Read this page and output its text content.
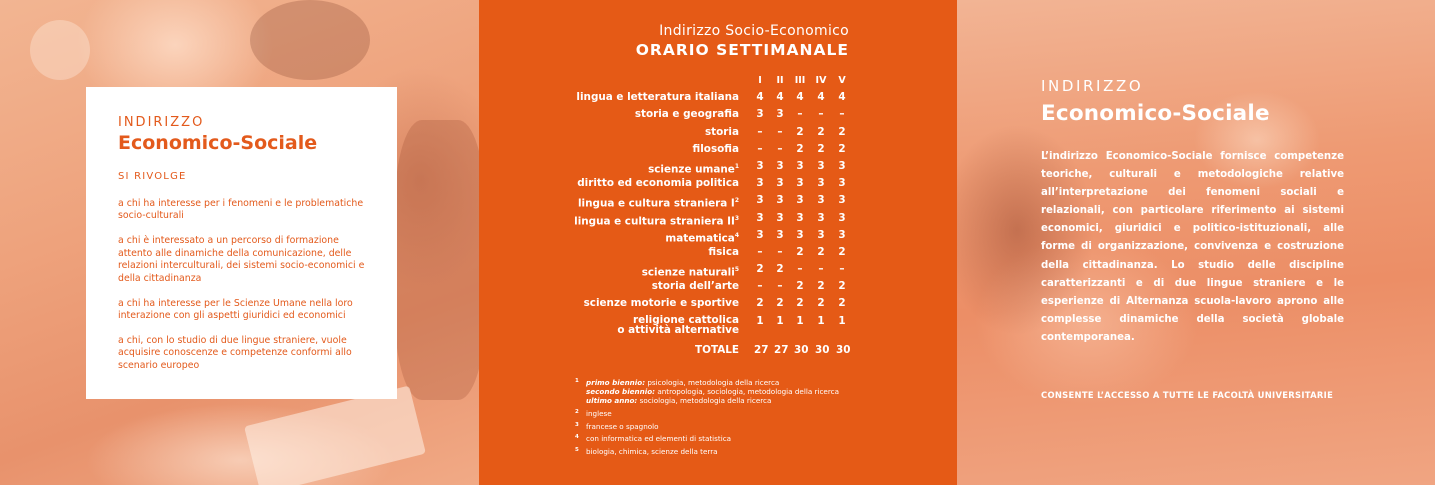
INDIRIZZO
Economico-Sociale
SI RIVOLGE
a chi ha interesse per i fenomeni e le problematiche socio-culturali
a chi è interessato a un percorso di formazione attento alle dinamiche della comunicazione, delle relazioni interculturali, dei sistemi socio-economici e della cittadinanza
a chi ha interesse per le Scienze Umane nella loro interazione con gli aspetti giuridici ed economici
a chi, con lo studio di due lingue straniere, vuole acquisire conoscenze e competenze conformi allo scenario europeo
Indirizzo Socio-Economico
ORARIO SETTIMANALE
I	II III IV V
lingua e letteratura italiana 4 4 4 4 4
storia e geografia 3 3	–	–	–
storia	–	–	2 2 2
filosofia	–	–	2 2 2
scienze umane$^1$ 3 3 3 3 3
diritto ed economia politica 3 3 3 3 3
lingua e cultura straniera $I^2$ 3 3 3 3 3
lingua e cultura straniera $II^3$ 3 3 3 3 3
matematica$^4$ 3 3 3 3 3
fisica	–	–	2 2 2
scienze naturali$^5$ 2 2	–	–	–
storia dell’arte	–	–	2 2 2
scienze motorie e sportive 2 2 2 2 2
religione cattolica
o attività alternative
1 1 1 1 1
TOTALE 27 27 30 30 30
1 primo biennio: psicologia, metodologia della ricerca
secondo biennio: antropologia, sociologia, metodologia della ricerca
ultimo anno: sociologia, metodologia della ricerca
2 inglese
3 francese o spagnolo
4 con informatica ed elementi di statistica
5 biologia, chimica, scienze della terra
INDIRIZZO
Economico-Sociale

L’indirizzo Economico-Sociale fornisce competenze teoriche, culturali e metodologiche relative all’interpretazione dei fenomeni sociali e relazionali, con particolare riferimento ai sistemi economici, giuridici e politico-istituzionali, alle forme di organizzazione, convivenza e costruzione della cittadinanza. Lo studio delle discipline caratterizzanti e di due lingue straniere e le esperienze di Alternanza scuola-lavoro aprono alle complesse dinamiche della società globale contemporanea.

CONSENTE L’ACCESSO A TUTTE LE FACOLTÀ UNIVERSITARIE
